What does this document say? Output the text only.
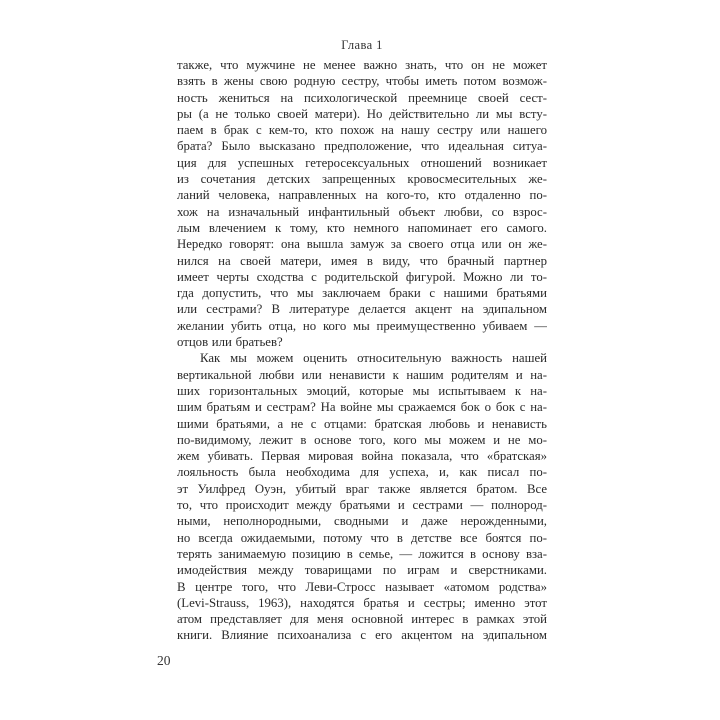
Глава 1
также, что мужчине не менее важно знать, что он не может
взять в жены свою родную сестру, чтобы иметь потом возмож-
ность жениться на психологической преемнице своей сест-
ры (а не только своей матери). Но действительно ли мы всту-
паем в брак с кем-то, кто похож на нашу сестру или нашего
брата? Было высказано предположение, что идеальная ситуа-
ция для успешных гетеросексуальных отношений возникает
из сочетания детских запрещенных кровосмесительных же-
ланий человека, направленных на кого-то, кто отдаленно по-
хож на изначальный инфантильный объект любви, со взрос-
лым влечением к тому, кто немного напоминает его самого.
Нередко говорят: она вышла замуж за своего отца или он же-
нился на своей матери, имея в виду, что брачный партнер
имеет черты сходства с родительской фигурой. Можно ли то-
гда допустить, что мы заключаем браки с нашими братьями
или сестрами? В литературе делается акцент на эдипальном
желании убить отца, но кого мы преимущественно убиваем —
отцов или братьев?
Как мы можем оценить относительную важность нашей
вертикальной любви или ненависти к нашим родителям и на-
ших горизонтальных эмоций, которые мы испытываем к на-
шим братьям и сестрам? На войне мы сражаемся бок о бок с на-
шими братьями, а не с отцами: братская любовь и ненависть
по-видимому, лежит в основе того, кого мы можем и не мо-
жем убивать. Первая мировая война показала, что «братская»
лояльность была необходима для успеха, и, как писал по-
эт Уилфред Оуэн, убитый враг также является братом. Все
то, что происходит между братьями и сестрами — полнород-
ными, неполнородными, сводными и даже нерожденными,
но всегда ожидаемыми, потому что в детстве все боятся по-
терять занимаемую позицию в семье, — ложится в основу вза-
имодействия между товарищами по играм и сверстниками.
В центре того, что Леви-Стросс называет «атомом родства»
(Levi-Strauss, 1963), находятся братья и сестры; именно этот
атом представляет для меня основной интерес в рамках этой
книги. Влияние психоанализа с его акцентом на эдипальном
20
